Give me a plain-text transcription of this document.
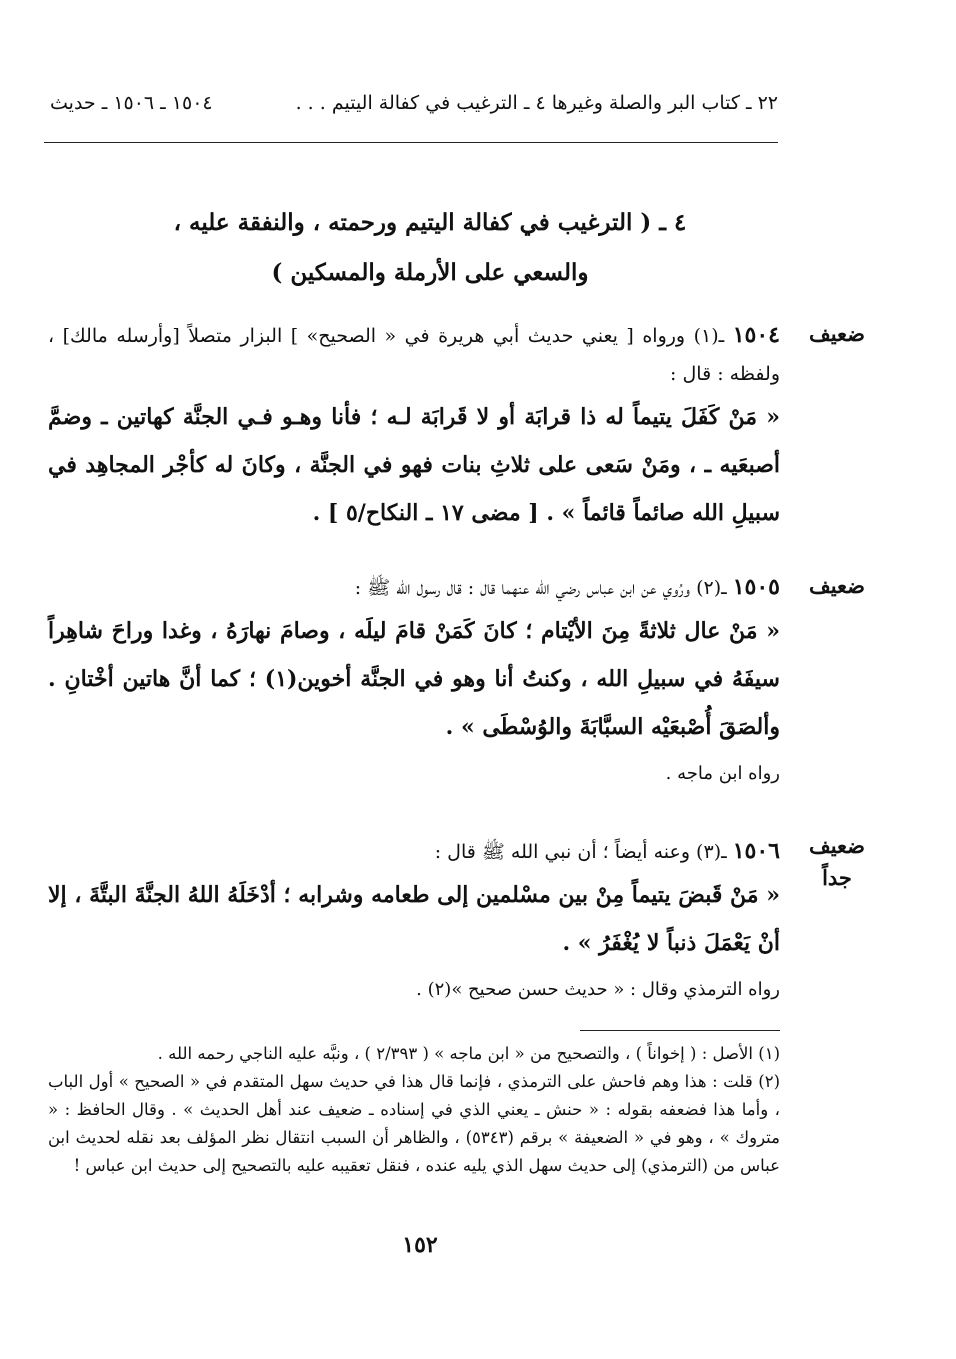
٢٢ ـ كتاب البر والصلة وغيرها ٤ ـ الترغيب في كفالة اليتيم . . .
١٥٠٤ ـ ١٥٠٦ ـ حديث
٤ ـ ( الترغيب في كفالة اليتيم ورحمته ، والنفقة عليه ،
والسعي على الأرملة والمسكين )
ضعيف
١٥٠٤ ـ(١) ورواه [ يعني حديث أبي هريرة في « الصحيح» ] البزار متصلاً [وأرسله مالك] ، ولفظه : قال :
« مَنْ كَفَلَ يتيماً له ذا قرابَة أو لا قَرابَة لـه ؛ فأنا وهـو فـي الجنَّة كهاتين ـ وضمَّ أصبعَيه ـ ، ومَنْ سَعى على ثلاثِ بنات فهو في الجنَّة ، وكانَ له كأجْر المجاهِد في سبيلِ الله صائماً قائماً » . [ مضى ١٧ ـ النكاح/٥ ] .
ضعيف
١٥٠٥ ـ(٢) ورُوي عن ابن عباس رضي الله عنهما قال : قال رسول الله ﷺ :
« مَنْ عال ثلاثةً مِنَ الأيْتام ؛ كانَ كَمَنْ قامَ ليلَه ، وصامَ نهارَهُ ، وغدا وراحَ شاهِراً سيفَهُ في سبيلِ الله ، وكنتُ أنا وهو في الجنَّة أخوين(١) ؛ كما أنَّ هاتين أخْتانِ . وألصَقَ أُصْبعَيْه السبَّابَةَ والوُسْطَى » .
رواه ابن ماجه .
ضعيف جداً
١٥٠٦ ـ(٣) وعنه أيضاً ؛ أن نبي الله ﷺ قال :
« مَنْ قَبضَ يتيماً مِنْ بين مسْلمين إلى طعامه وشرابه ؛ أدْخَلَهُ اللهُ الجنَّةَ البتَّةَ ، إلا أنْ يَعْمَلَ ذنباً لا يُغْفَرُ » .
رواه الترمذي وقال : « حديث حسن صحيح »(٢) .

(١) الأصل : ( إخواناً ) ، والتصحيح من « ابن ماجه » ( ٢/٣٩٣ ) ، ونبَّه عليه الناجي رحمه الله .

(٢) قلت : هذا وهم فاحش على الترمذي ، فإنما قال هذا في حديث سهل المتقدم في « الصحيح » أول الباب ، وأما هذا فضعفه بقوله : « حنش ـ يعني الذي في إسناده ـ ضعيف عند أهل الحديث » . وقال الحافظ : « متروك » ، وهو في « الضعيفة » برقم (٥٣٤٣) ، والظاهر أن السبب انتقال نظر المؤلف بعد نقله لحديث ابن عباس من (الترمذي) إلى حديث سهل الذي يليه عنده ، فنقل تعقيبه عليه بالتصحيح إلى حديث ابن عباس !

١٥٢
